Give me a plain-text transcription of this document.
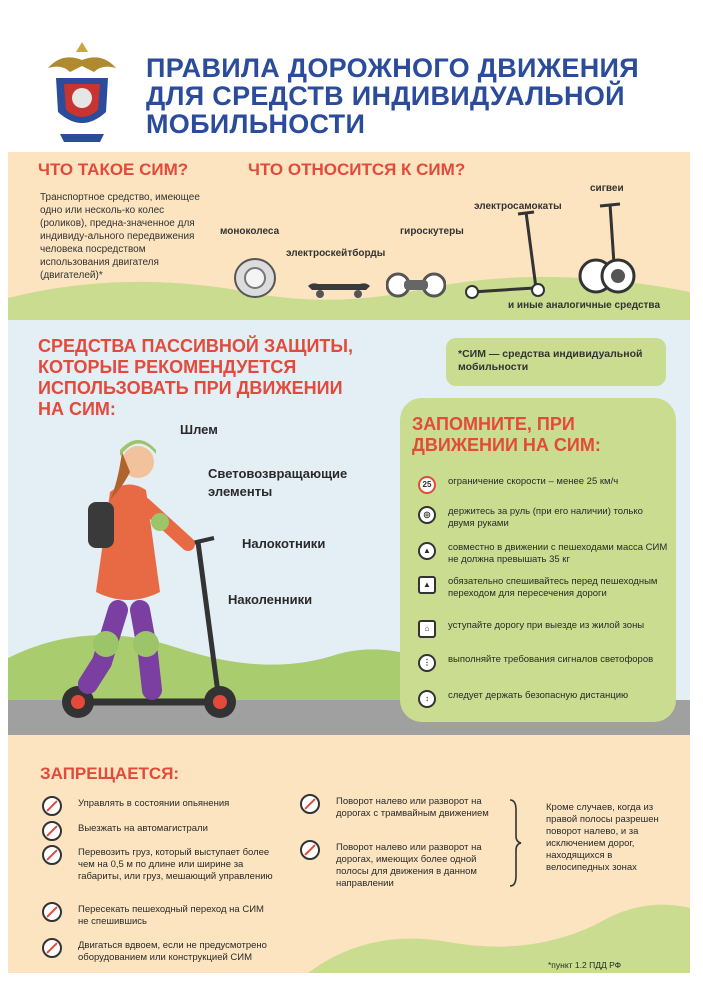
ПРАВИЛА ДОРОЖНОГО ДВИЖЕНИЯ
ДЛЯ СРЕДСТВ ИНДИВИДУАЛЬНОЙ
МОБИЛЬНОСТИ
ЧТО ТАКОЕ СИМ?	ЧТО ОТНОСИТСЯ К СИМ?
Транспортное средство, имеющее одно или несколь-ко колес (роликов), предна-значенное для индивиду-ального передвижения человека посредством использования двигателя (двигателей)*
моноколеса
электроскейтборды
гироскутеры
электросамокаты
сигвеи
и иные аналогичные средства
СРЕДСТВА ПАССИВНОЙ ЗАЩИТЫ,
КОТОРЫЕ РЕКОМЕНДУЕТСЯ
ИСПОЛЬЗОВАТЬ ПРИ ДВИЖЕНИИ
НА СИМ:
*СИМ — средства индивидуальной мобильности
Шлем
Световозвращающие
элементы
Налокотники
Наколенники
ЗАПОМНИТЕ, ПРИ
ДВИЖЕНИИ НА СИМ:
25	ограничение скорости – менее 25 км/ч
◎	держитесь за руль (при его наличии) только двумя руками
▲	совместно в движении с пешеходами масса СИМ не должна превышать 35 кг
▲	обязательно спешивайтесь перед пешеходным переходом для пересечения дороги
⌂	уступайте дорогу при выезде из жилой зоны
⋮	выполняйте требования сигналов светофоров
↕	следует держать безопасную дистанцию
ЗАПРЕЩАЕТСЯ:
Управлять в состоянии опьянения
Выезжать на автомагистрали
Перевозить груз, который выступает более чем на 0,5 м по длине или ширине за габариты, или груз, мешающий управлению
Пересекать пешеходный переход на СИМ не спешившись
Двигаться вдвоем, если не предусмотрено оборудованием или конструкцией СИМ
Поворот налево или разворот на дорогах с трамвайным движением
Поворот налево или разворот на дорогах, имеющих более одной полосы для движения в данном направлении
Кроме случаев, когда из правой полосы разрешен поворот налево, и за исключением дорог, находящихся в велосипедных зонах
*пункт 1.2 ПДД РФ
